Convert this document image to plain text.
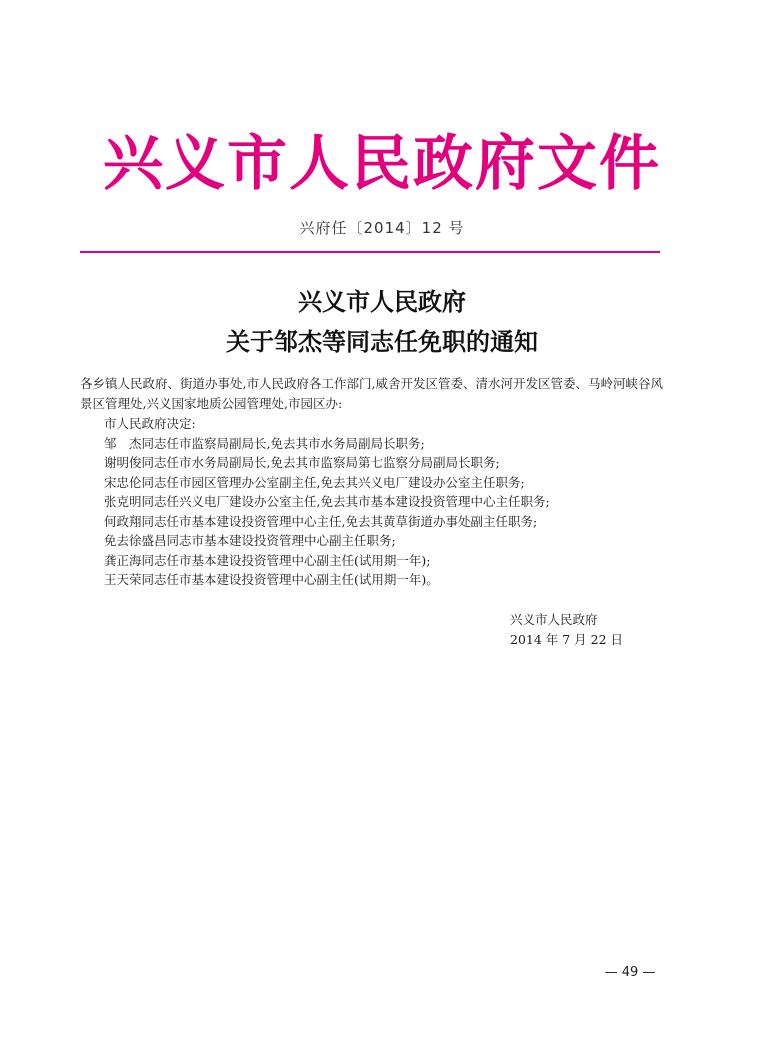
兴义市人民政府文件
兴府任〔2014〕12 号
兴义市人民政府
关于邹杰等同志任免职的通知
各乡镇人民政府、街道办事处,市人民政府各工作部门,威舍开发区管委、清水河开发区管委、马岭河峡谷风景区管理处,兴义国家地质公园管理处,市园区办:
市人民政府决定:
邹　杰同志任市监察局副局长,免去其市水务局副局长职务;
谢明俊同志任市水务局副局长,免去其市监察局第七监察分局副局长职务;
宋忠伦同志任市园区管理办公室副主任,免去其兴义电厂建设办公室主任职务;
张克明同志任兴义电厂建设办公室主任,免去其市基本建设投资管理中心主任职务;
何政翔同志任市基本建设投资管理中心主任,免去其黄草街道办事处副主任职务;
免去徐盛昌同志市基本建设投资管理中心副主任职务;
龚正海同志任市基本建设投资管理中心副主任(试用期一年);
王天荣同志任市基本建设投资管理中心副主任(试用期一年)。
兴义市人民政府
2014 年 7 月 22 日
— 49 —
